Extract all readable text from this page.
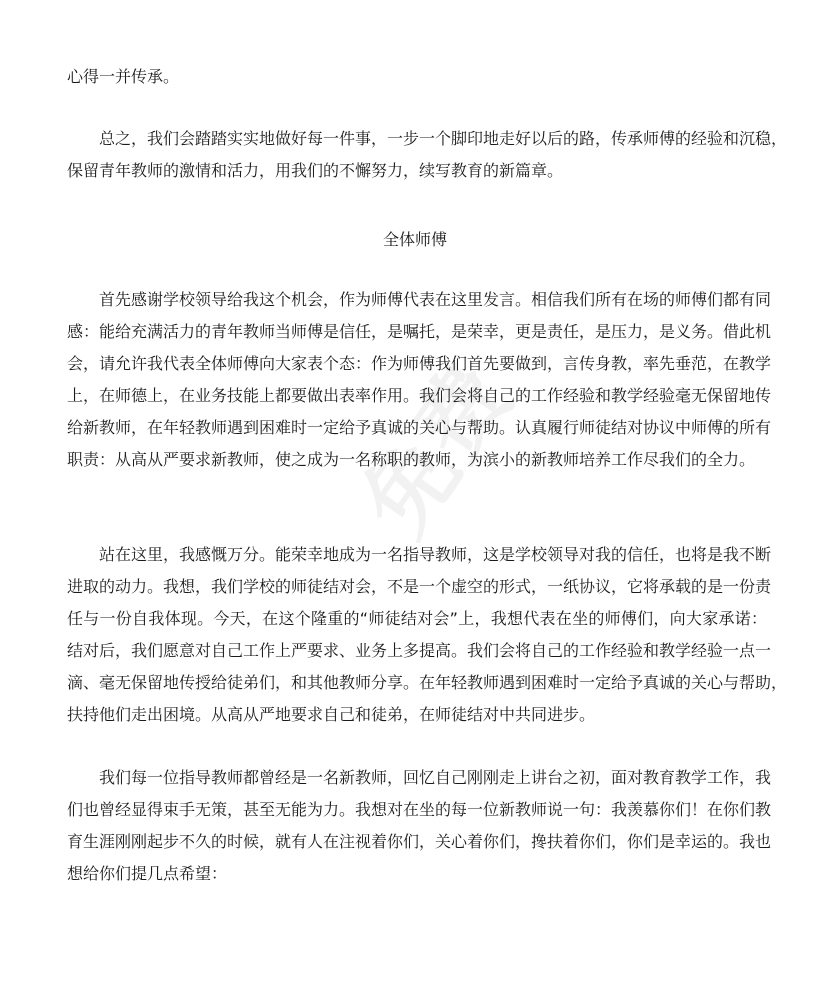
免费
心得一并传承。
　　总之，我们会踏踏实实地做好每一件事，一步一个脚印地走好以后的路，传承师傅的经验和沉稳，
保留青年教师的激情和活力，用我们的不懈努力，续写教育的新篇章。
全体师傅
　　首先感谢学校领导给我这个机会，作为师傅代表在这里发言。相信我们所有在场的师傅们都有同
感：能给充满活力的青年教师当师傅是信任，是嘱托，是荣幸，更是责任，是压力，是义务。借此机
会，请允许我代表全体师傅向大家表个态：作为师傅我们首先要做到，言传身教，率先垂范，在教学
上，在师德上，在业务技能上都要做出表率作用。我们会将自己的工作经验和教学经验毫无保留地传
给新教师，在年轻教师遇到困难时一定给予真诚的关心与帮助。认真履行师徒结对协议中师傅的所有
职责：从高从严要求新教师，使之成为一名称职的教师，为滨小的新教师培养工作尽我们的全力。
　　站在这里，我感慨万分。能荣幸地成为一名指导教师，这是学校领导对我的信任，也将是我不断
进取的动力。我想，我们学校的师徒结对会，不是一个虚空的形式，一纸协议，它将承载的是一份责
任与一份自我体现。今天，在这个隆重的“师徒结对会”上，我想代表在坐的师傅们，向大家承诺：
结对后，我们愿意对自己工作上严要求、业务上多提高。我们会将自己的工作经验和教学经验一点一
滴、毫无保留地传授给徒弟们，和其他教师分享。在年轻教师遇到困难时一定给予真诚的关心与帮助，
扶持他们走出困境。从高从严地要求自己和徒弟，在师徒结对中共同进步。
　　我们每一位指导教师都曾经是一名新教师，回忆自己刚刚走上讲台之初，面对教育教学工作，我
们也曾经显得束手无策，甚至无能为力。我想对在坐的每一位新教师说一句：我羡慕你们！在你们教
育生涯刚刚起步不久的时候，就有人在注视着你们，关心着你们，搀扶着你们，你们是幸运的。我也
想给你们提几点希望：
